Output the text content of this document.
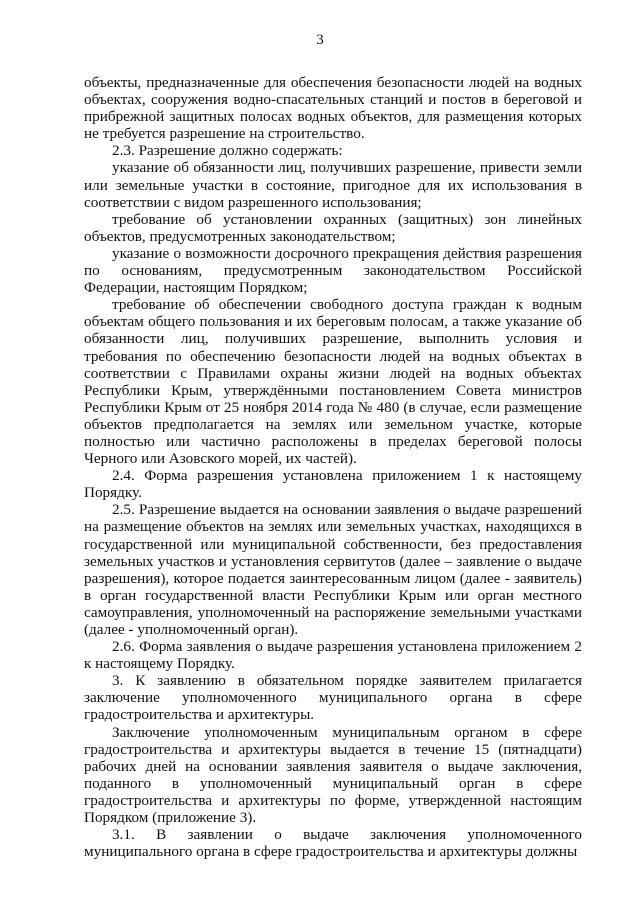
3

объекты, предназначенные для обеспечения безопасности людей на водных объектах, сооружения водно-спасательных станций и постов в береговой и прибрежной защитных полосах водных объектов, для размещения которых не требуется разрешение на строительство.

2.3. Разрешение должно содержать:

указание об обязанности лиц, получивших разрешение, привести земли или земельные участки в состояние, пригодное для их использования в соответствии с видом разрешенного использования;

требование об установлении охранных (защитных) зон линейных объектов, предусмотренных законодательством;

указание о возможности досрочного прекращения действия разрешения по основаниям, предусмотренным законодательством Российской Федерации, настоящим Порядком;

требование об обеспечении свободного доступа граждан к водным объектам общего пользования и их береговым полосам, а также указание об обязанности лиц, получивших разрешение, выполнить условия и требования по обеспечению безопасности людей на водных объектах в соответствии с Правилами охраны жизни людей на водных объектах Республики Крым, утверждёнными постановлением Совета министров Республики Крым от 25 ноября 2014 года № 480 (в случае, если размещение объектов предполагается на землях или земельном участке, которые полностью или частично расположены в пределах береговой полосы Черного или Азовского морей, их частей).

2.4. Форма разрешения установлена приложением 1 к настоящему Порядку.

2.5. Разрешение выдается на основании заявления о выдаче разрешений на размещение объектов на землях или земельных участках, находящихся в государственной или муниципальной собственности, без предоставления земельных участков и установления сервитутов (далее – заявление о выдаче разрешения), которое подается заинтересованным лицом (далее - заявитель) в орган государственной власти Республики Крым или орган местного самоуправления, уполномоченный на распоряжение земельными участками (далее - уполномоченный орган).

2.6. Форма заявления о выдаче разрешения установлена приложением 2 к настоящему Порядку.

3. К заявлению в обязательном порядке заявителем прилагается заключение уполномоченного муниципального органа в сфере градостроительства и архитектуры.

Заключение уполномоченным муниципальным органом в сфере градостроительства и архитектуры выдается в течение 15 (пятнадцати) рабочих дней на основании заявления заявителя о выдаче заключения, поданного в уполномоченный муниципальный орган в сфере градостроительства и архитектуры по форме, утвержденной настоящим Порядком (приложение 3).

3.1. В заявлении о выдаче заключения уполномоченного муниципального органа в сфере градостроительства и архитектуры должны
